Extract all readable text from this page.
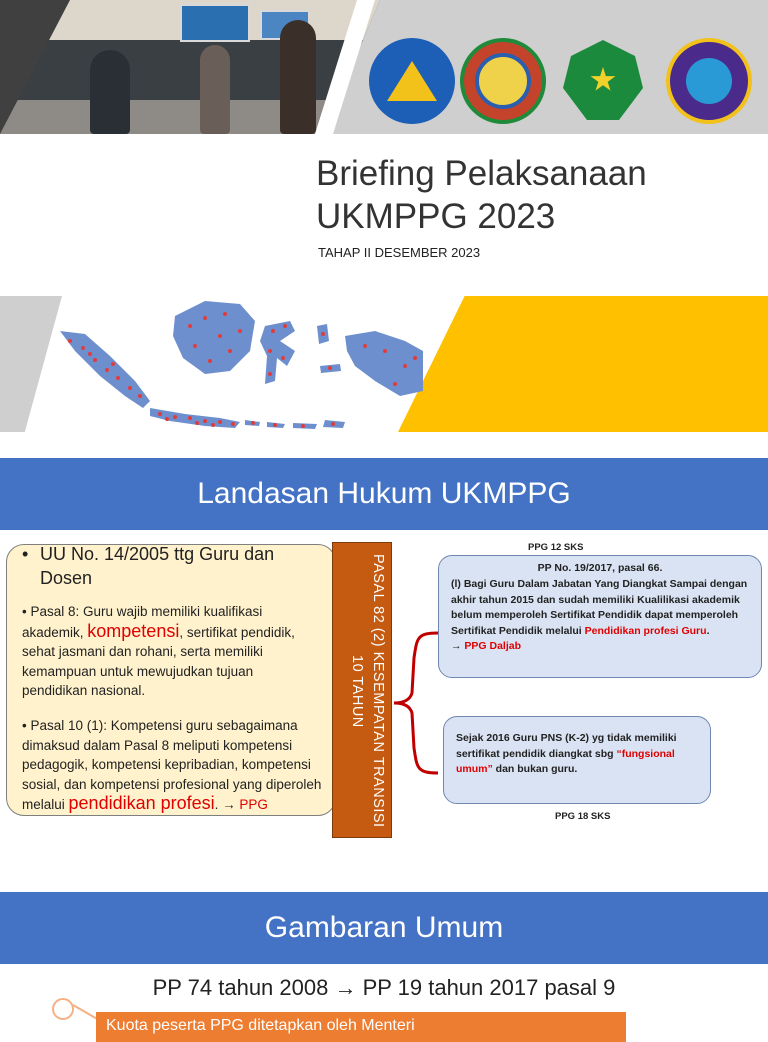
Briefing Pelaksanaan
UKMPPG 2023
TAHAP II DESEMBER 2023
Landasan Hukum UKMPPG
• UU No. 14/2005 ttg Guru dan Dosen
• Pasal 8: Guru wajib memiliki kualifikasi akademik, kompetensi, sertifikat pendidik, sehat jasmani dan rohani, serta memiliki kemampuan untuk mewujudkan tujuan pendidikan nasional.
• Pasal 10 (1): Kompetensi guru sebagaimana dimaksud dalam Pasal 8 meliputi kompetensi pedagogik, kompetensi kepribadian, kompetensi sosial, dan kompetensi profesional yang diperoleh melalui pendidikan profesi. → PPG	PASAL 82 (2) KESEMPATAN TRANSISI 10 TAHUN
PPG 12 SKS
PP No. 19/2017, pasal 66.
(l) Bagi Guru Dalam Jabatan Yang Diangkat Sampai dengan akhir tahun 2015 dan sudah memiliki Kualilikasi akademik belum memperoleh Sertifikat Pendidik dapat memperoleh Sertifikat Pendidik melalui Pendidikan profesi Guru.
→ PPG Daljab
Sejak 2016 Guru PNS (K-2) yg tidak memiliki sertifikat pendidik diangkat sbg “fungsional umum” dan bukan guru.
PPG 18 SKS
Gambaran Umum
PP 74 tahun 2008 → PP 19 tahun 2017 pasal 9
Kuota peserta PPG ditetapkan oleh Menteri
